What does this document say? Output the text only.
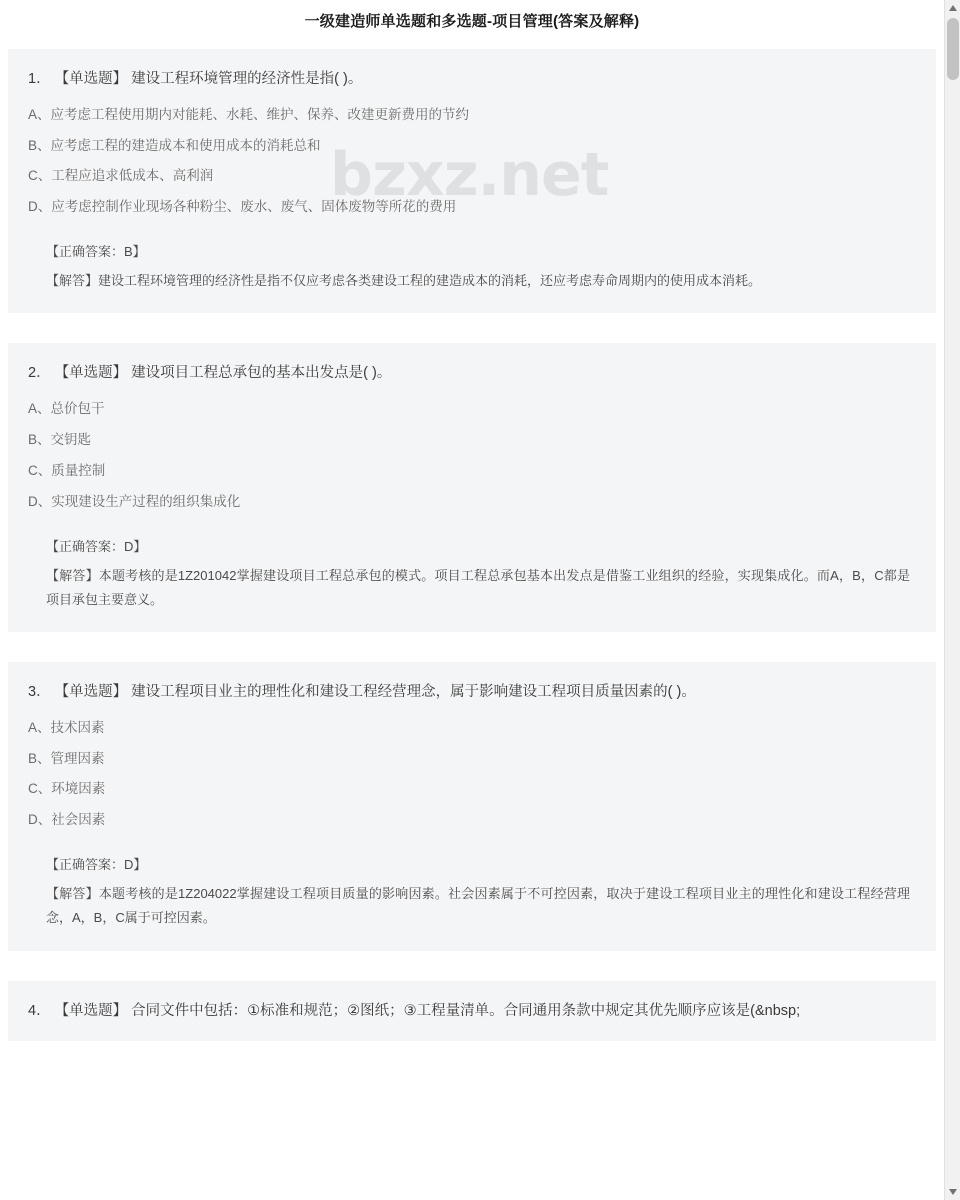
一级建造师单选题和多选题-项目管理(答案及解释)
1． 【单选题】 建设工程环境管理的经济性是指( )。
A、应考虑工程使用期内对能耗、水耗、维护、保养、改建更新费用的节约
B、应考虑工程的建造成本和使用成本的消耗总和
C、工程应追求低成本、高利润
D、应考虑控制作业现场各种粉尘、废水、废气、固体废物等所花的费用
【正确答案：B】
【解答】建设工程环境管理的经济性是指不仅应考虑各类建设工程的建造成本的消耗，还应考虑寿命周期内的使用成本消耗。
2． 【单选题】 建设项目工程总承包的基本出发点是( )。
A、总价包干
B、交钥匙
C、质量控制
D、实现建设生产过程的组织集成化
【正确答案：D】
【解答】本题考核的是1Z201042掌握建设项目工程总承包的模式。项目工程总承包基本出发点是借鉴工业组织的经验，实现集成化。而A，B，C都是项目承包主要意义。
3． 【单选题】 建设工程项目业主的理性化和建设工程经营理念，属于影响建设工程项目质量因素的( )。
A、技术因素
B、管理因素
C、环境因素
D、社会因素
【正确答案：D】
【解答】本题考核的是1Z204022掌握建设工程项目质量的影响因素。社会因素属于不可控因素，取决于建设工程项目业主的理性化和建设工程经营理念，A，B，C属于可控因素。
4． 【单选题】 合同文件中包括：①标准和规范；②图纸；③工程量清单。合同通用条款中规定其优先顺序应该是(&nbsp;
